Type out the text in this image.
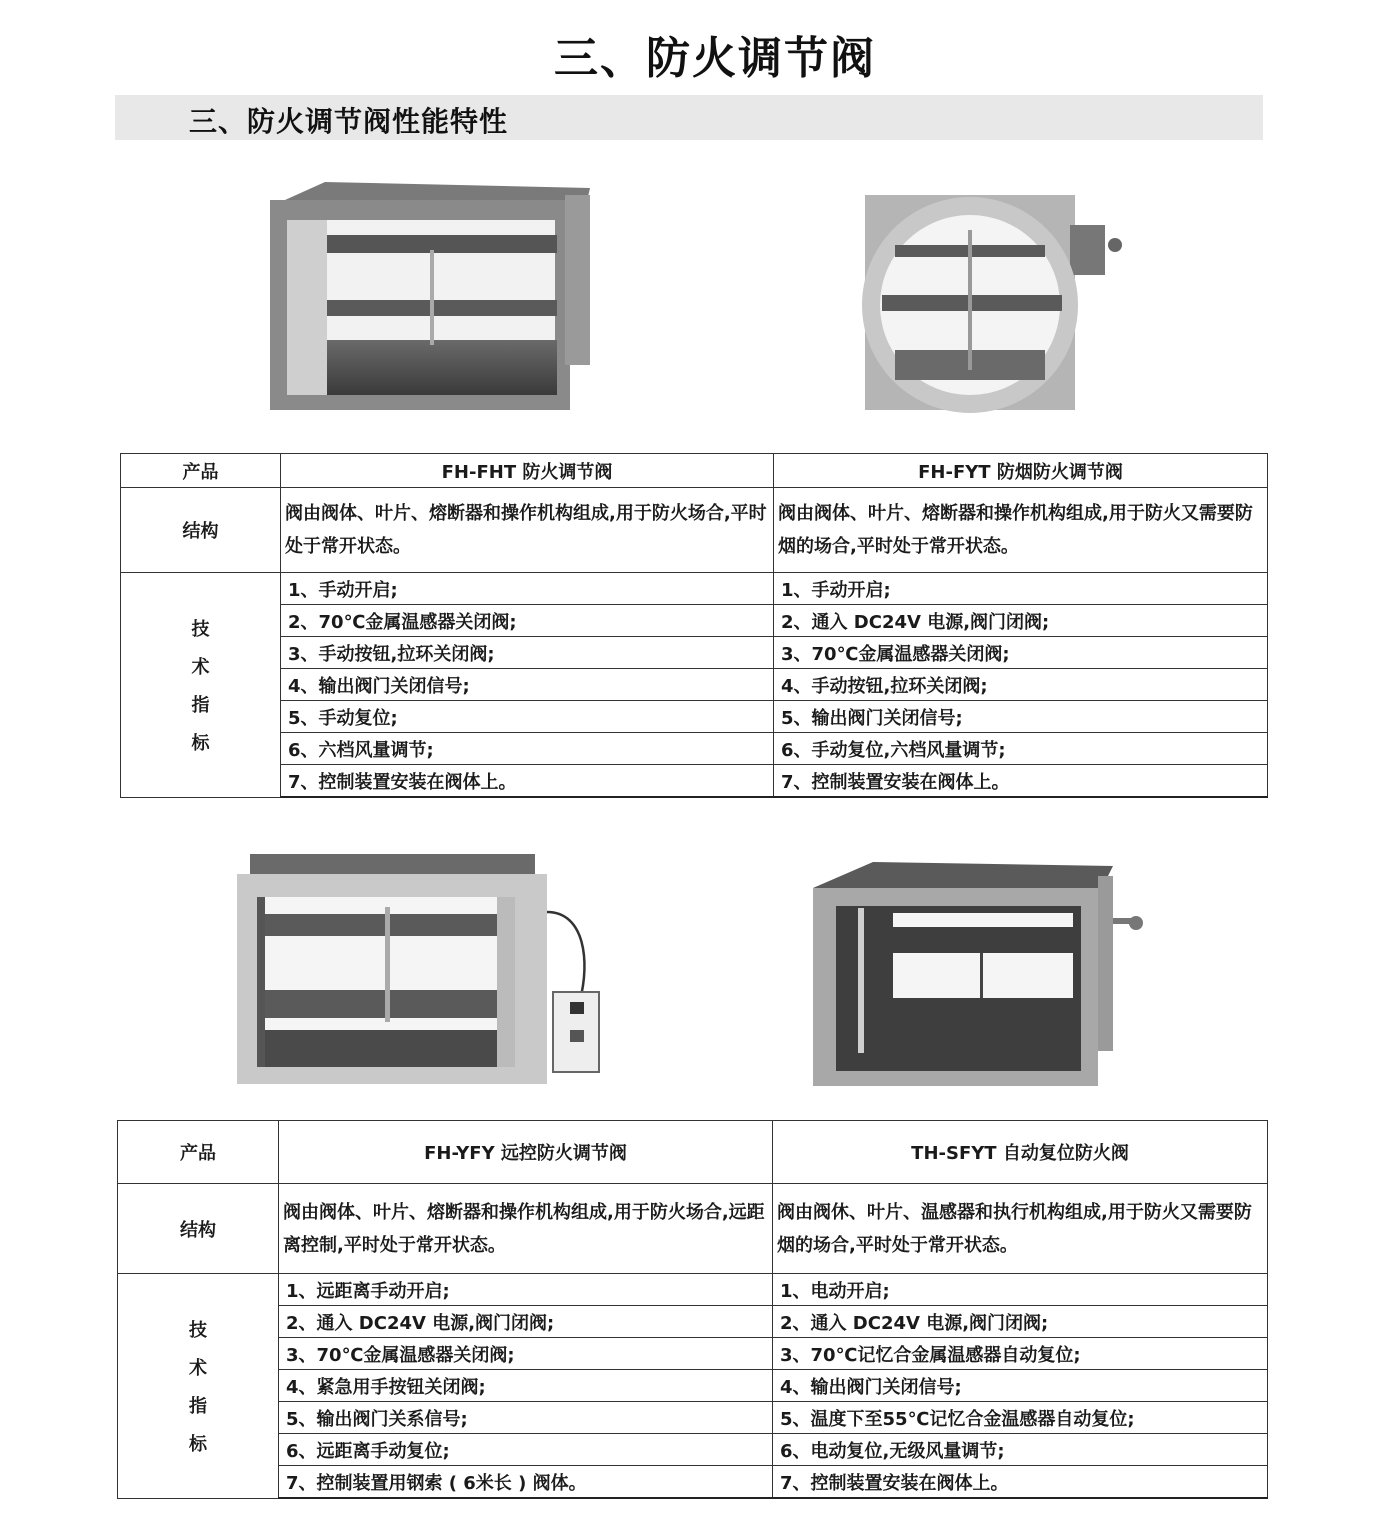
三、防火调节阀
三、防火调节阀性能特性
产品	FH-FHT 防火调节阀	FH-FYT 防烟防火调节阀
结构	阀由阀体、叶片、熔断器和操作机构组成,用于防火场合,平时处于常开状态。	阀由阀体、叶片、熔断器和操作机构组成,用于防火又需要防烟的场合,平时处于常开状态。

技
术
指
标	1、手动开启;	1、手动开启;
	2、70℃金属温感器关闭阀;	2、通入 DC24V 电源,阀门闭阀;
	3、手动按钮,拉环关闭阀;	3、70℃金属温感器关闭阀;
	4、输出阀门关闭信号;	4、手动按钮,拉环关闭阀;
	5、手动复位;	5、输出阀门关闭信号;
	6、六档风量调节;	6、手动复位,六档风量调节;
	7、控制装置安装在阀体上。	7、控制装置安装在阀体上。
产品	FH-YFY 远控防火调节阀	TH-SFYT 自动复位防火阀
结构	阀由阀体、叶片、熔断器和操作机构组成,用于防火场合,远距离控制,平时处于常开状态。	阀由阀休、叶片、温感器和执行机构组成,用于防火又需要防烟的场合,平时处于常开状态。

技
术
指
标	1、远距离手动开启;	1、电动开启;
	2、通入 DC24V 电源,阀门闭阀;	2、通入 DC24V 电源,阀门闭阀;
	3、70℃金属温感器关闭阀;	3、70℃记忆合金属温感器自动复位;
	4、紧急用手按钮关闭阀;	4、输出阀门关闭信号;
	5、输出阀门关系信号;	5、温度下至55℃记忆合金温感器自动复位;
	6、远距离手动复位;	6、电动复位,无级风量调节;
	7、控制装置用钢索 ( 6米长 ) 阀体。	7、控制装置安装在阀体上。
